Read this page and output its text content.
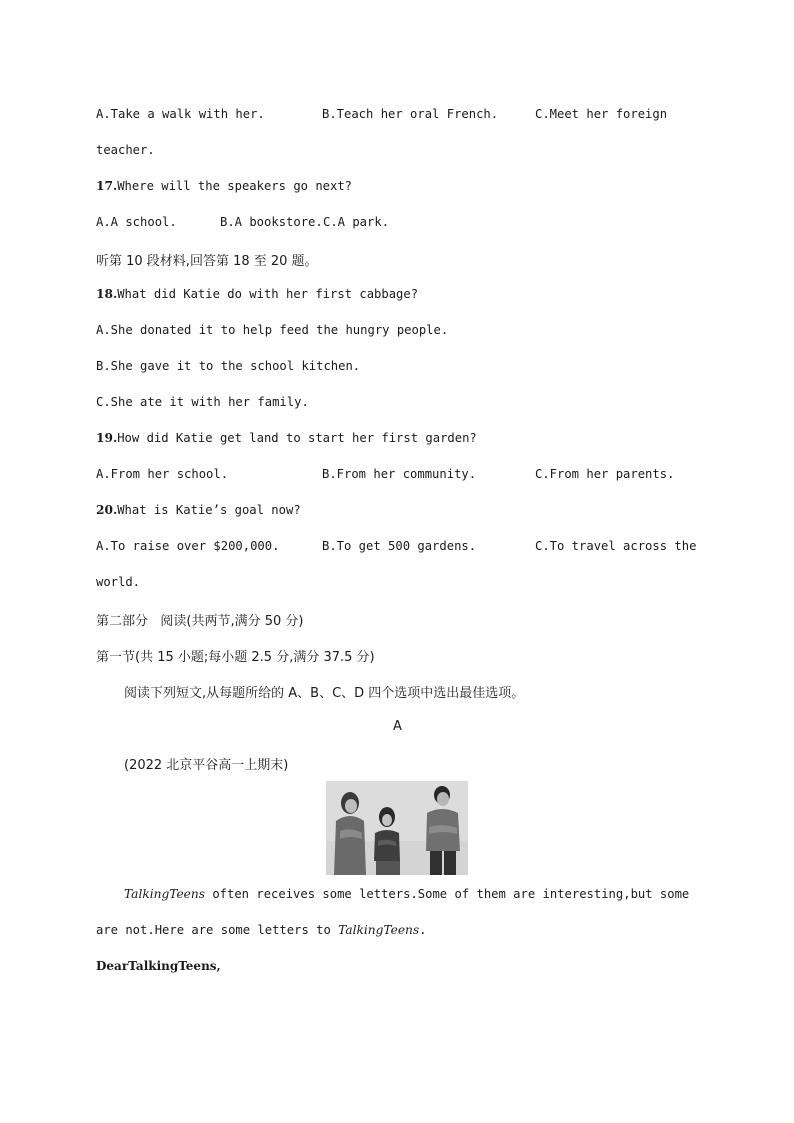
A.Take a walk with her.	B.Teach her oral French.	C.Meet her foreign
teacher.
17.Where will the speakers go next?
A.A school.	B.A bookstore. C.A park.
听第 10 段材料,回答第 18 至 20 题。
18.What did Katie do with her first cabbage?
A.She donated it to help feed the hungry people.
B.She gave it to the school kitchen.
C.She ate it with her family.
19.How did Katie get land to start her first garden?
A.From her school.	B.From her community.	C.From her parents.
20.What is Katie’s goal now?
A.To raise over $200,000.	B.To get 500 gardens.	C.To travel across the
world.
第二部分   阅读(共两节,满分 50 分)
第一节(共 15 小题;每小题 2.5 分,满分 37.5 分)
阅读下列短文,从每题所给的 A、B、C、D 四个选项中选出最佳选项。
A
(2022 北京平谷高一上期末)
TalkingTeens often receives some letters.Some of them are interesting,but some
are not.Here are some letters to TalkingTeens.
DearTalkingTeens,
